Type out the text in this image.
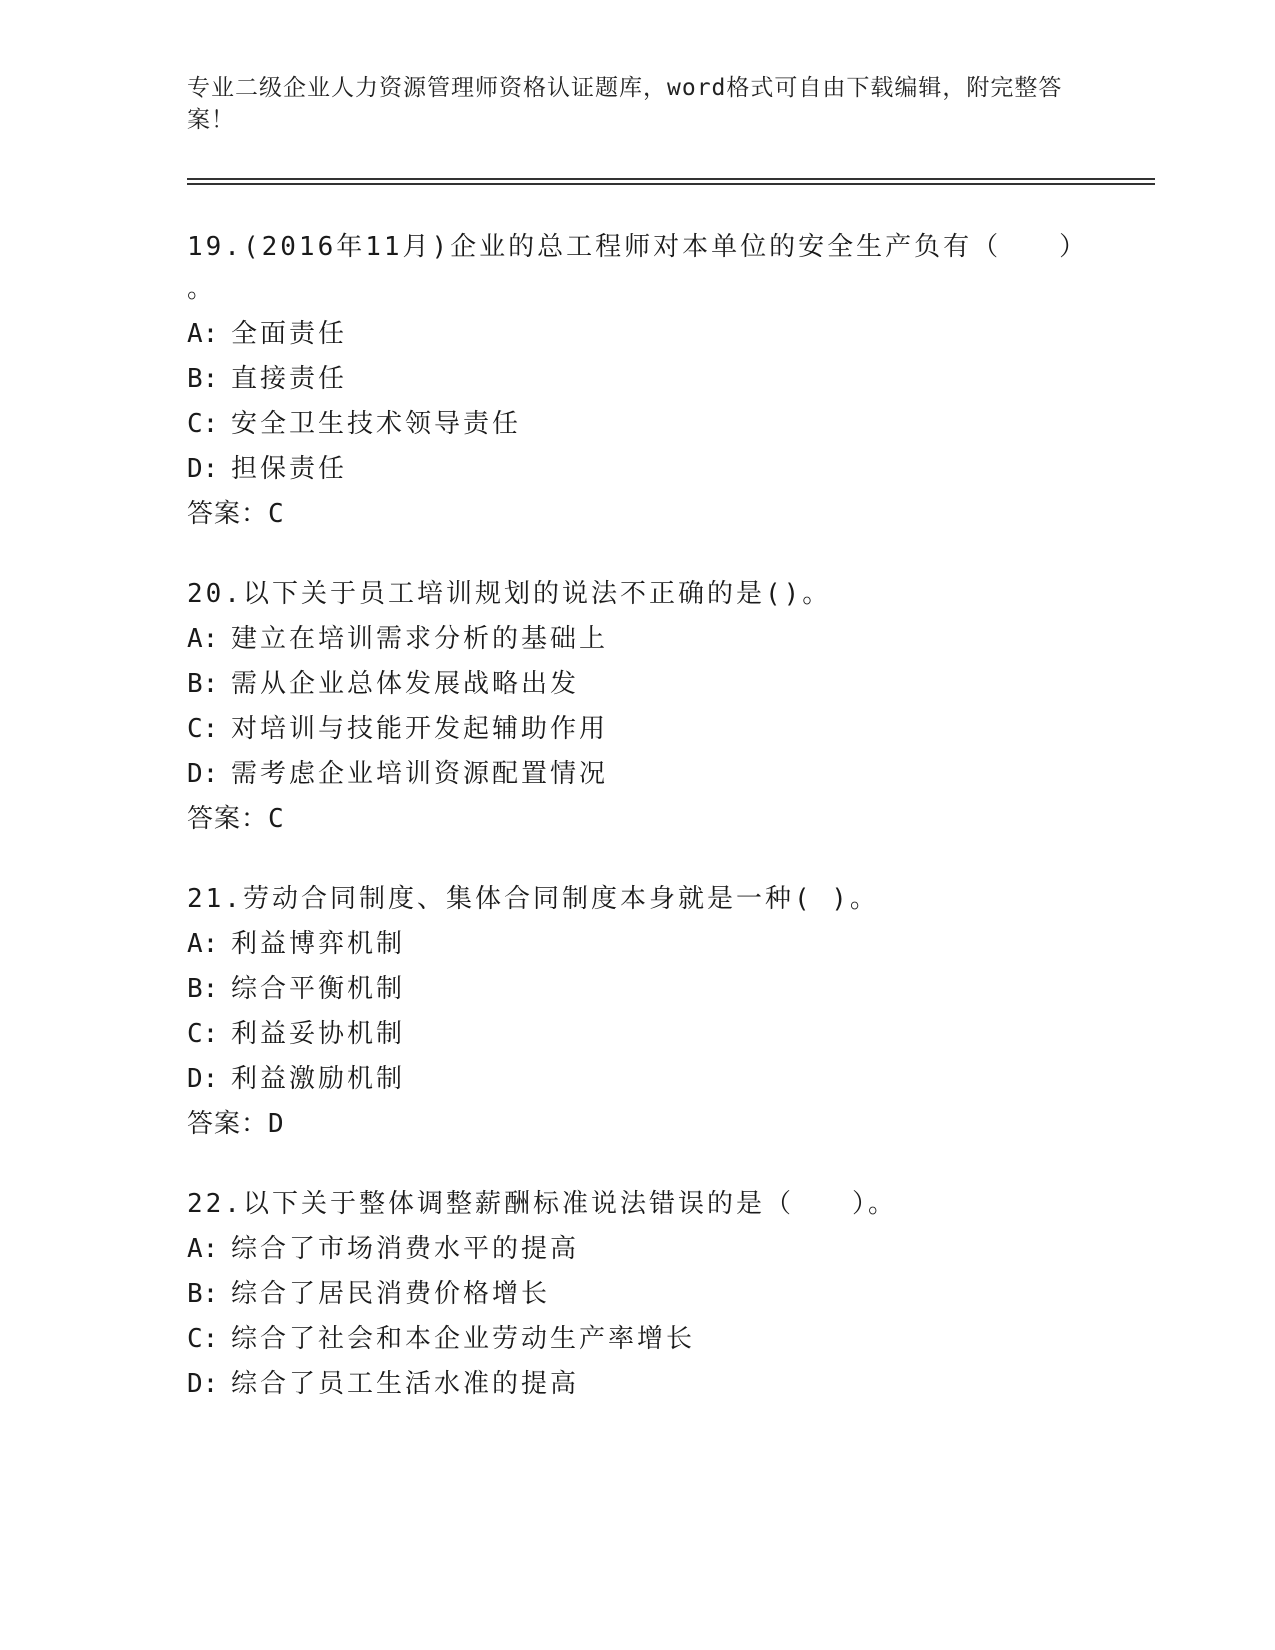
专业二级企业人力资源管理师资格认证题库，word格式可自由下载编辑，附完整答案！
19.(2016年11月)企业的总工程师对本单位的安全生产负有（　　）
。
A: 全面责任
B: 直接责任
C: 安全卫生技术领导责任
D: 担保责任
答案：C
20.以下关于员工培训规划的说法不正确的是()。
A: 建立在培训需求分析的基础上
B: 需从企业总体发展战略出发
C: 对培训与技能开发起辅助作用
D: 需考虑企业培训资源配置情况
答案：C
21.劳动合同制度、集体合同制度本身就是一种( )。
A: 利益博弈机制
B: 综合平衡机制
C: 利益妥协机制
D: 利益激励机制
答案：D
22.以下关于整体调整薪酬标准说法错误的是（　　）。
A: 综合了市场消费水平的提高
B: 综合了居民消费价格增长
C: 综合了社会和本企业劳动生产率增长
D: 综合了员工生活水准的提高
